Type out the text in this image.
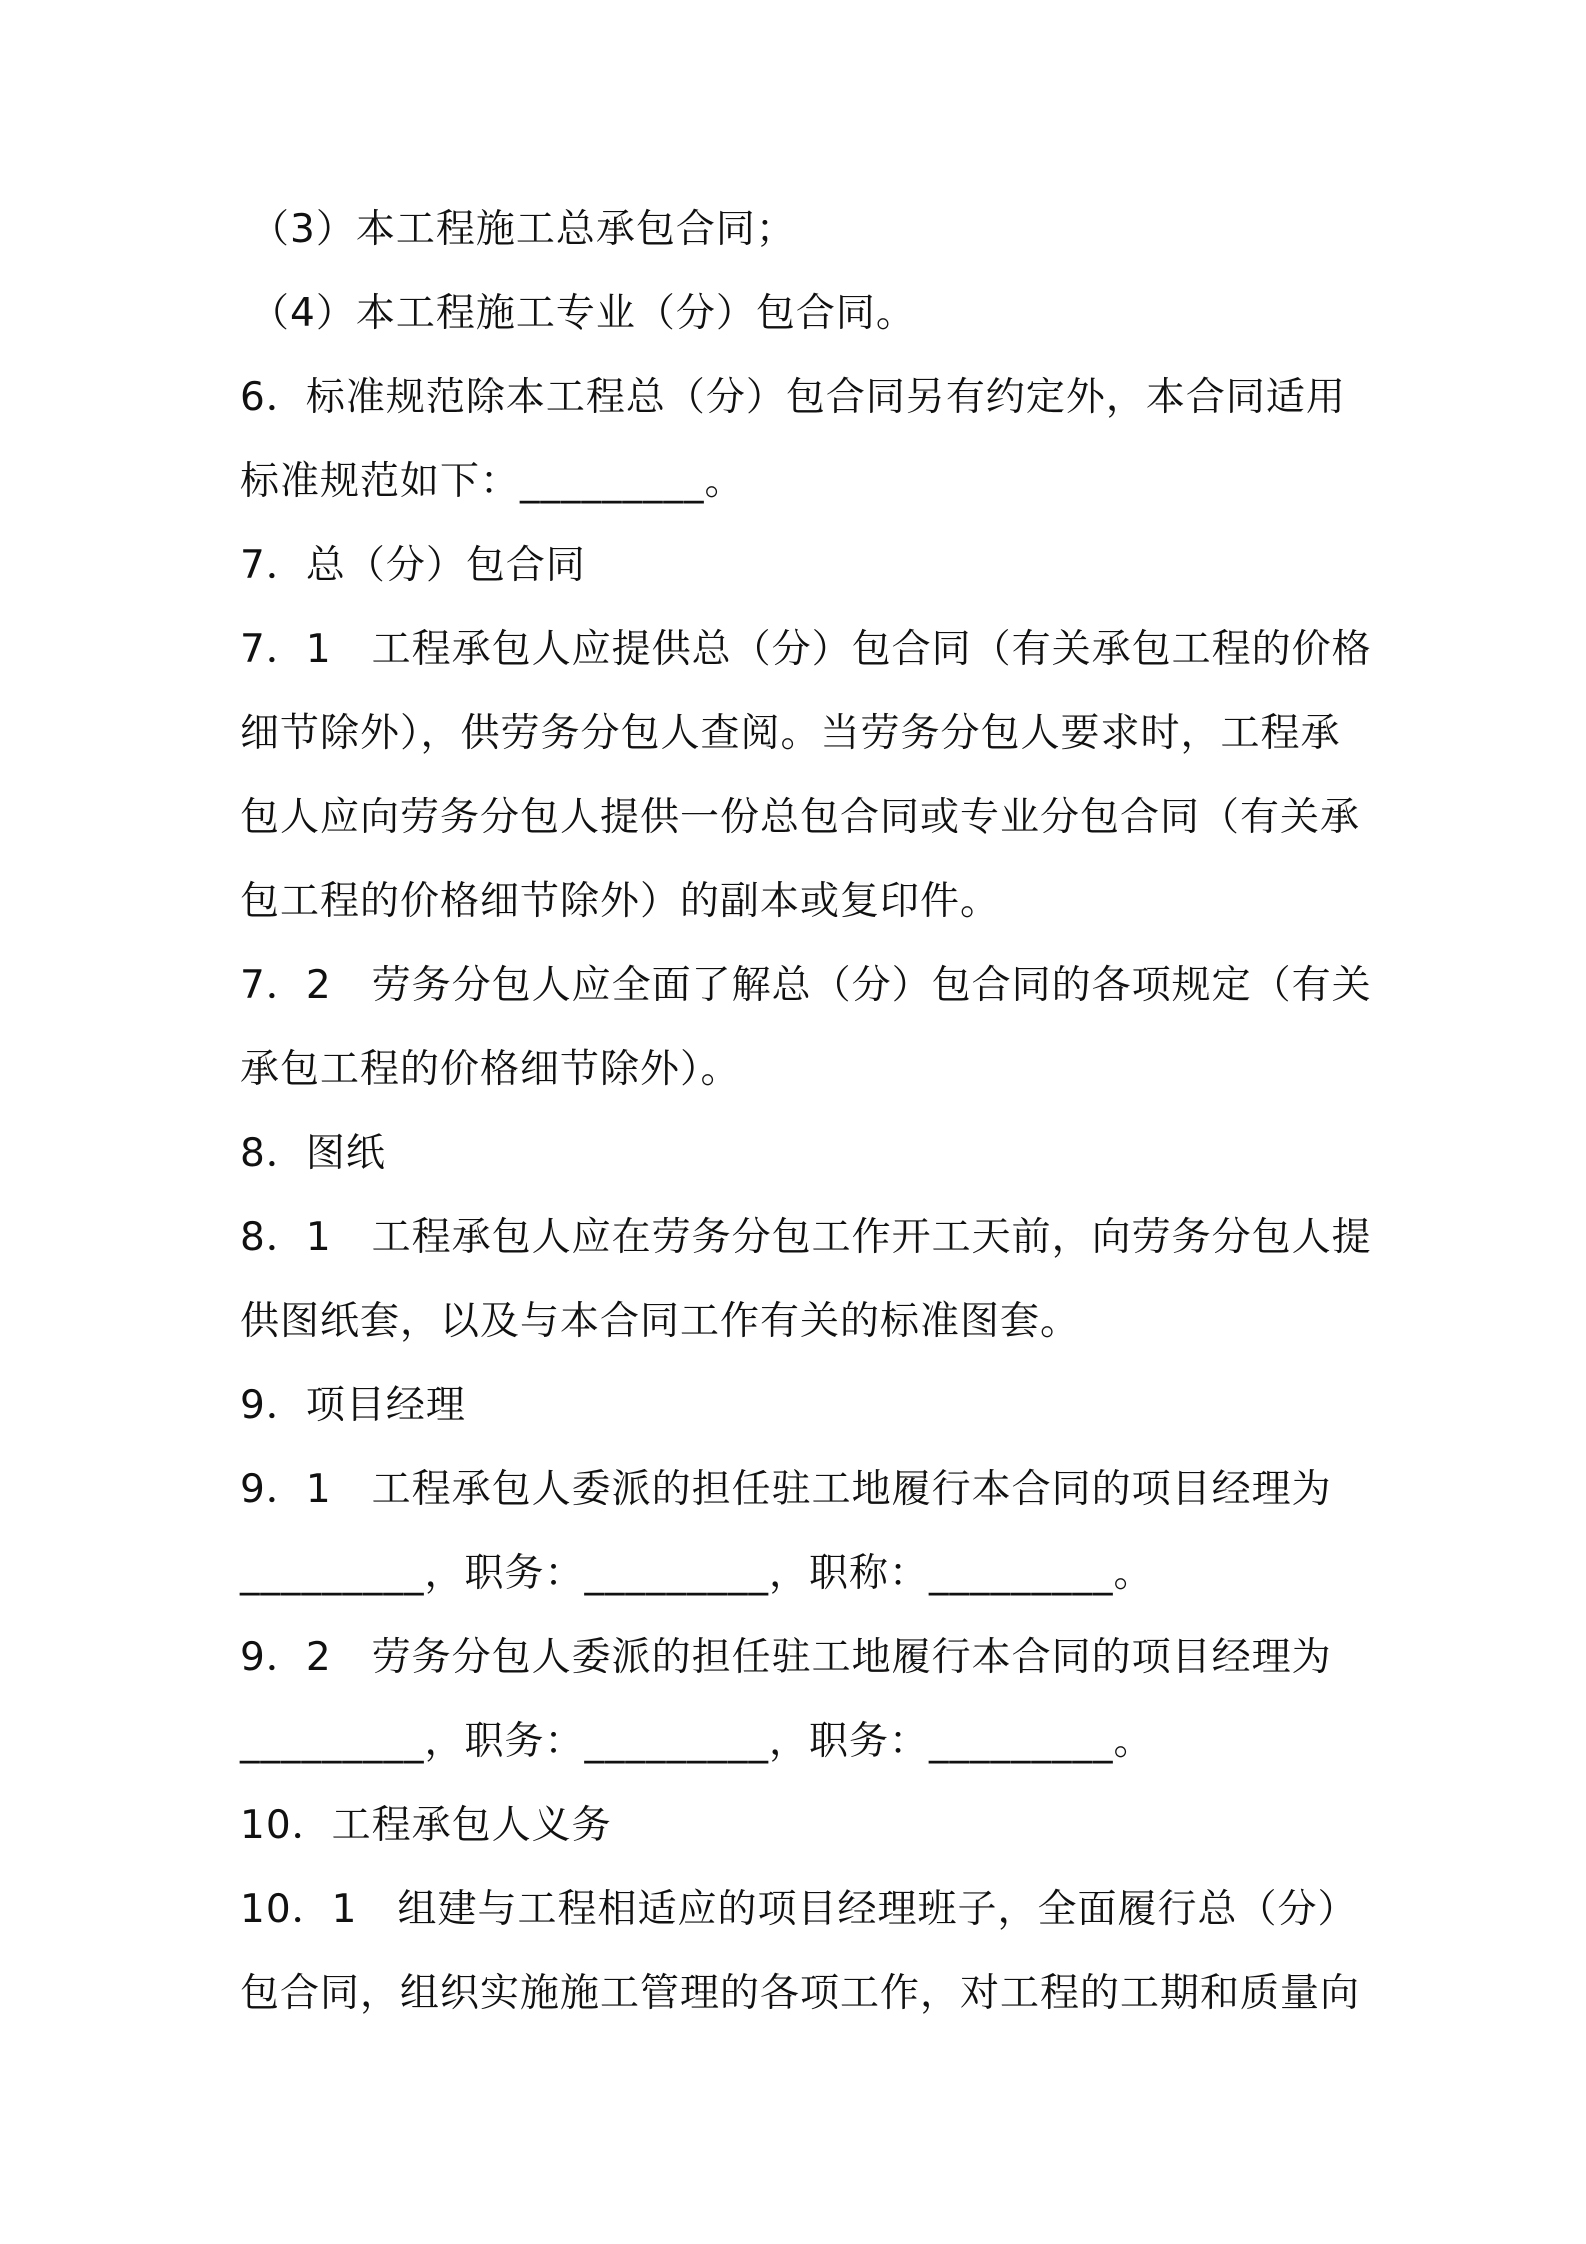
（3）本工程施工总承包合同；
（4）本工程施工专业（分）包合同。
6．标准规范除本工程总（分）包合同另有约定外，本合同适用
标准规范如下：_________。
7．总（分）包合同
7．1　工程承包人应提供总（分）包合同（有关承包工程的价格
细节除外），供劳务分包人查阅。当劳务分包人要求时，工程承
包人应向劳务分包人提供一份总包合同或专业分包合同（有关承
包工程的价格细节除外）的副本或复印件。
7．2　劳务分包人应全面了解总（分）包合同的各项规定（有关
承包工程的价格细节除外）。
8．图纸
8．1　工程承包人应在劳务分包工作开工天前，向劳务分包人提
供图纸套，以及与本合同工作有关的标准图套。
9．项目经理
9．1　工程承包人委派的担任驻工地履行本合同的项目经理为
_________，职务：_________，职称：_________。
9．2　劳务分包人委派的担任驻工地履行本合同的项目经理为
_________，职务：_________，职务：_________。
10．工程承包人义务
10．1　组建与工程相适应的项目经理班子，全面履行总（分）
包合同，组织实施施工管理的各项工作，对工程的工期和质量向
